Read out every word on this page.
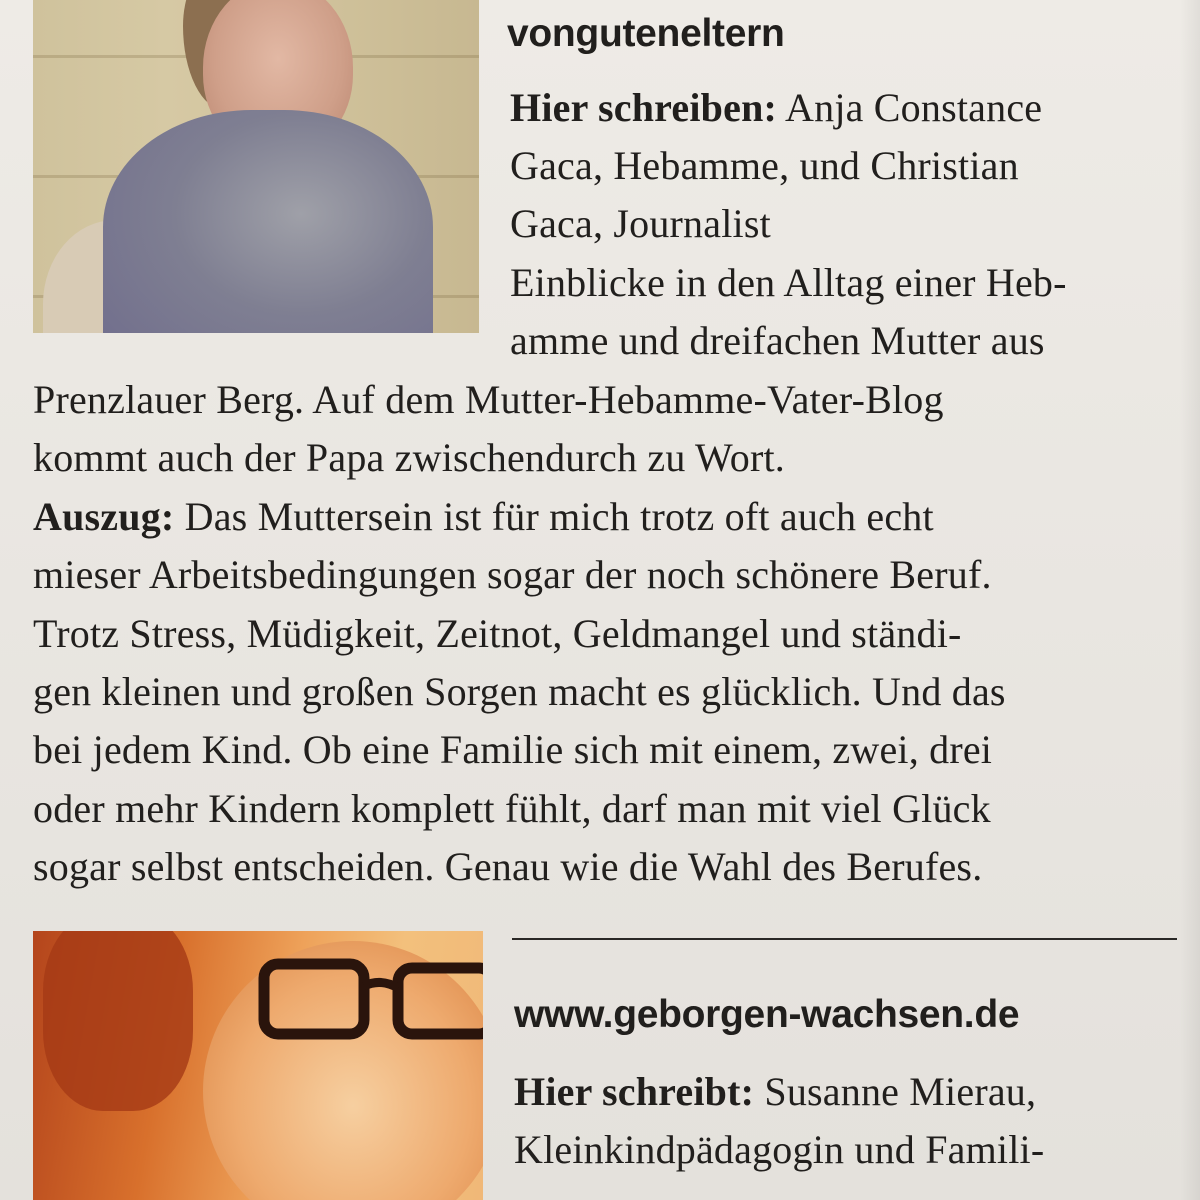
vonguteneltern
Hier schreiben: Anja Constance
Gaca, Hebamme, und Christian
Gaca, Journalist
Einblicke in den Alltag einer Heb-
amme und dreifachen Mutter aus
Prenzlauer Berg. Auf dem Mutter-Hebamme-Vater-Blog
kommt auch der Papa zwischendurch zu Wort.
Auszug: Das Muttersein ist für mich trotz oft auch echt
mieser Arbeitsbedingungen sogar der noch schönere Beruf.
Trotz Stress, Müdigkeit, Zeitnot, Geldmangel und ständi-
gen kleinen und großen Sorgen macht es glücklich. Und das
bei jedem Kind. Ob eine Familie sich mit einem, zwei, drei
oder mehr Kindern komplett fühlt, darf man mit viel Glück
sogar selbst entscheiden. Genau wie die Wahl des Berufes.
www.geborgen-wachsen.de
Hier schreibt: Susanne Mierau,
Kleinkindpädagogin und Famili-
